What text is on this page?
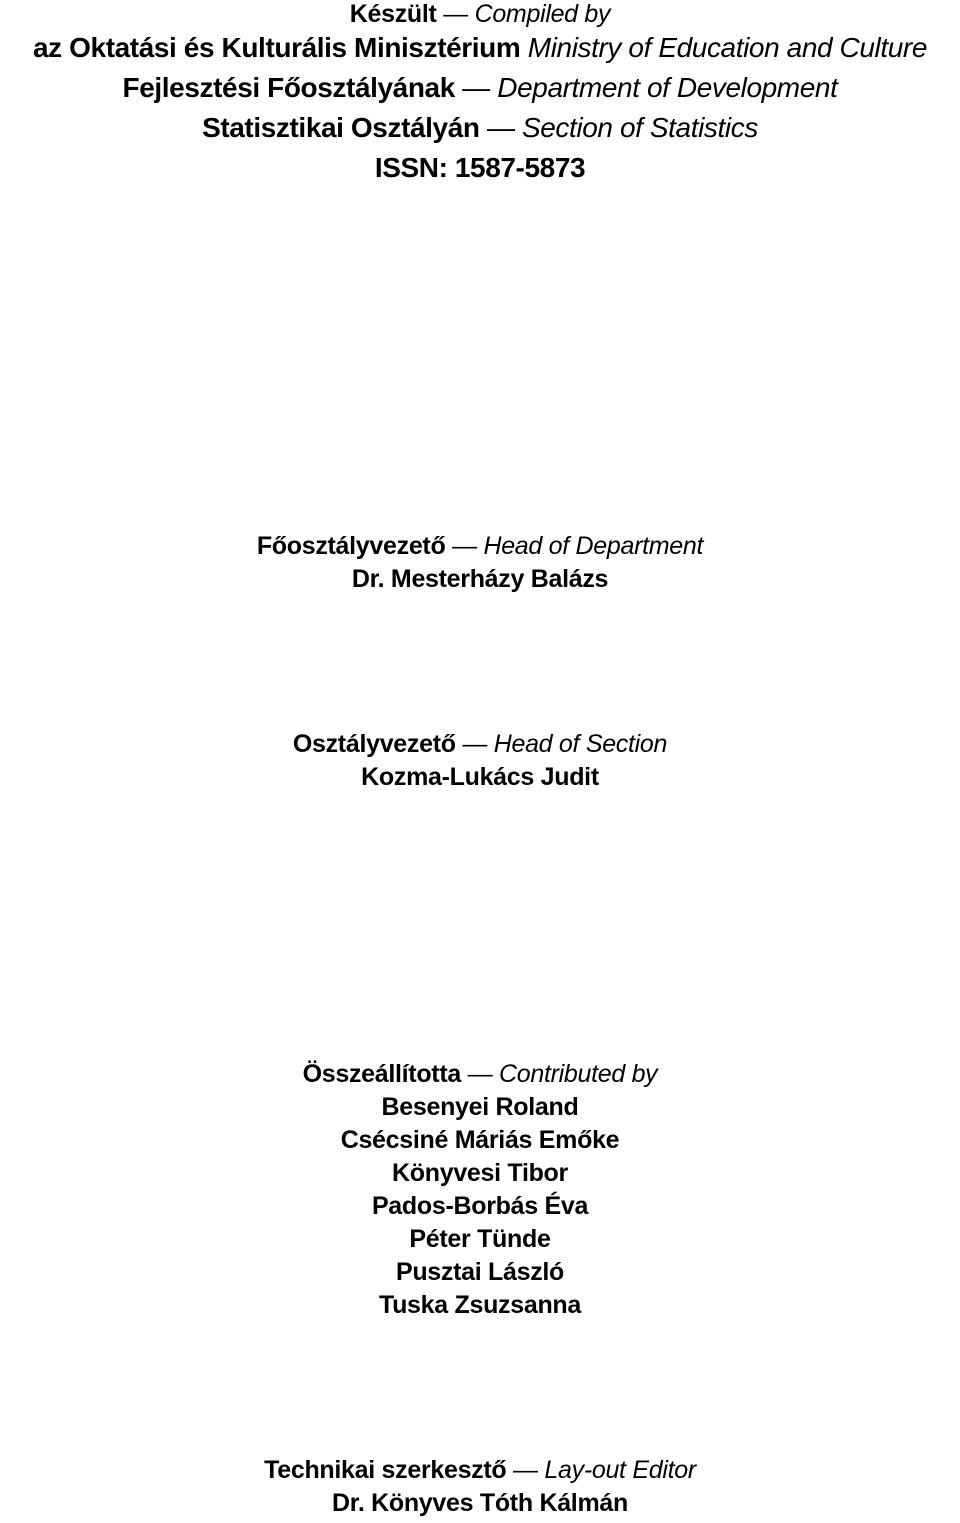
Készült — Compiled by
az Oktatási és Kulturális Minisztérium Ministry of Education and Culture
Fejlesztési Főosztályának — Department of Development
Statisztikai Osztályán — Section of Statistics
ISSN: 1587-5873
Főosztályvezető — Head of Department
Dr. Mesterházy Balázs
Osztályvezető — Head of Section
Kozma-Lukács Judit
Összeállította — Contributed by
Besenyei Roland
Csécsiné Máriás Emőke
Könyvesi Tibor
Pados-Borbás Éva
Péter Tünde
Pusztai László
Tuska Zsuzsanna
Technikai szerkesztő — Lay-out Editor
Dr. Könyves Tóth Kálmán
